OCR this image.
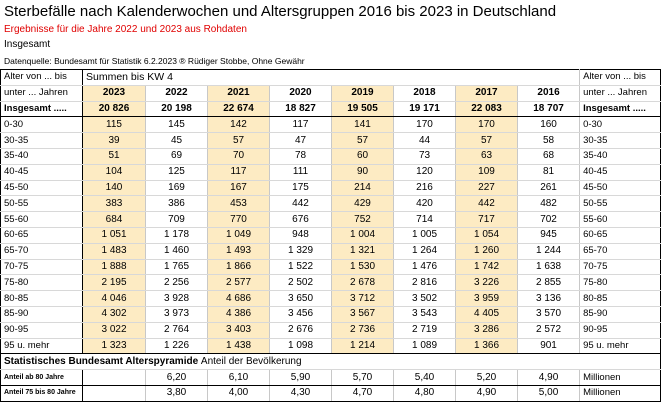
Sterbefälle nach Kalenderwochen und Altersgruppen 2016 bis 2023 in Deutschland
Ergebnisse für die Jahre 2022 und 2023 aus Rohdaten
Insgesamt
Datenquelle: Bundesamt für Statistik 6.2.2023 ® Rüdiger Stobbe, Ohne Gewähr
Alter von ... bis	Summen bis KW 4								Alter von ... bis
unter ... Jahren	2023	2022	2021	2020	2019	2018	2017	2016	unter ... Jahren
Insgesamt .....	20 826	20 198	22 674	18 827	19 505	19 171	22 083	18 707	Insgesamt .....
0-30	115	145	142	117	141	170	170	160	0-30
30-35	39	45	57	47	57	44	57	58	30-35
35-40	51	69	70	78	60	73	63	68	35-40
40-45	104	125	117	111	90	120	109	81	40-45
45-50	140	169	167	175	214	216	227	261	45-50
50-55	383	386	453	442	429	420	442	482	50-55
55-60	684	709	770	676	752	714	717	702	55-60
60-65	1 051	1 178	1 049	948	1 004	1 005	1 054	945	60-65
65-70	1 483	1 460	1 493	1 329	1 321	1 264	1 260	1 244	65-70
70-75	1 888	1 765	1 866	1 522	1 530	1 476	1 742	1 638	70-75
75-80	2 195	2 256	2 577	2 502	2 678	2 816	3 226	2 855	75-80
80-85	4 046	3 928	4 686	3 650	3 712	3 502	3 959	3 136	80-85
85-90	4 302	3 973	4 386	3 456	3 567	3 543	4 405	3 570	85-90
90-95	3 022	2 764	3 403	2 676	2 736	2 719	3 286	2 572	90-95
95 u. mehr	1 323	1 226	1 438	1 098	1 214	1 089	1 366	901	95 u. mehr
Statistisches Bundesamt Alterspyramide Anteil der Bevölkerung									
Anteil ab 80 Jahre		6,20	6,10	5,90	5,70	5,40	5,20	4,90	Millionen
Anteil 75 bis 80 Jahre		3,80	4,00	4,30	4,70	4,80	4,90	5,00	Millionen
